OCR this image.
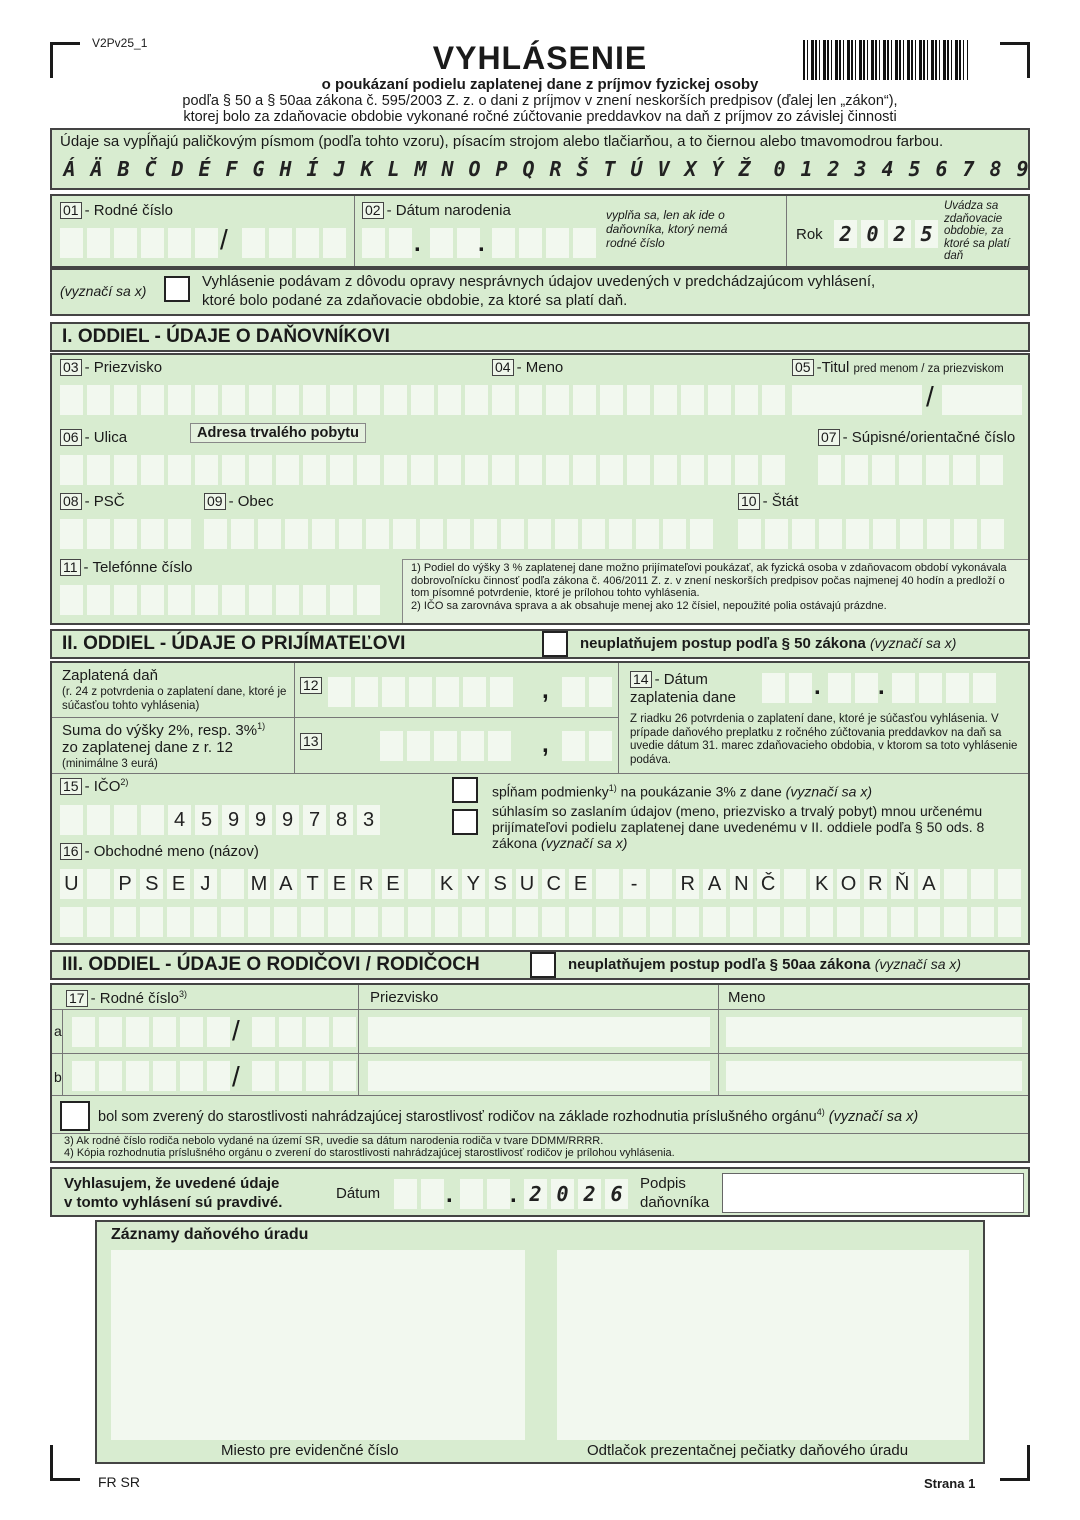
V2Pv25_1	VYHLÁSENIE
o poukázaní podielu zaplatenej dane z príjmov fyzickej osoby
podľa § 50 a § 50aa zákona č. 595/2003 Z. z. o dani z príjmov v znení neskorších predpisov (ďalej len „zákon“),
ktorej bolo za zdaňovacie obdobie vykonané ročné zúčtovanie preddavkov na daň z príjmov zo závislej činnosti
Údaje sa vypĺňajú paličkovým písmom (podľa tohto vzoru), písacím strojom alebo tlačiarňou, a to čiernou alebo tmavomodrou farbou.
Á Ä B Č D É F G H Í J K L M N O P Q R Š T Ú V X Ý Ž 0 1 2 3 4 5 6 7 8 9
01 - Rodné číslo
/
02 - Dátum narodenia
. .
vyplňa sa, len ak ide o daňovníka, ktorý nemá rodné číslo	Rok 2 0 2 5
Uvádza sa zdaňovacie obdobie, za ktoré sa platí daň
(vyznačí sa x)
Vyhlásenie podávam z dôvodu opravy nesprávnych údajov uvedených v predchádzajúcom vyhlásení,
ktoré bolo podané za zdaňovacie obdobie, za ktoré sa platí daň.
I. ODDIEL - ÚDAJE O DAŇOVNÍKOVI
03 - Priezvisko	04 - Meno	05 -Titul pred menom / za priezviskom
/
06 - Ulica	Adresa trvalého pobytu	07 - Súpisné/orientačné číslo
08 - PSČ	09 - Obec	10 - Štát
11 - Telefónne číslo	1) Podiel do výšky 3 % zaplatenej dane možno prijímateľovi poukázať, ak fyzická osoba v zdaňovacom období vykonávala dobrovoľnícku činnosť podľa zákona č. 406/2011 Z. z. v znení neskorších predpisov počas najmenej 40 hodín a predloží o tom písomné potvrdenie, ktoré je prílohou tohto vyhlásenia.
2) IČO sa zarovnáva sprava a ak obsahuje menej ako 12 čísiel, nepoužité polia ostávajú prázdne.
II. ODDIEL - ÚDAJE O PRIJÍMATEĽOVI	neuplatňujem postup podľa § 50 zákona (vyznačí sa x)
Zaplatená daň
(r. 24 z potvrdenia o zaplatení dane, ktoré je súčasťou tohto vyhlásenia)
12	,
Suma do výšky 2%, resp. 3%$^{1)}$
zo zaplatenej dane z r. 12
(minimálne 3 eurá)
13	,
14 - Dátum
zaplatenia dane	. .
Z riadku 26 potvrdenia o zaplatení dane, ktoré je súčasťou vyhlásenia. V prípade daňového preplatku z ročného zúčtovania preddavkov na daň sa uvedie dátum 31. marec zdaňovacieho obdobia, v ktorom sa toto vyhlásenie podáva.
15 - IČO$^{2)}$
4 5 9 9 9 7 8 3
spĺňam podmienky$^{1)}$ na poukázanie 3% z dane (vyznačí sa x)
súhlasím so zaslaním údajov (meno, priezvisko a trvalý pobyt) mnou určenému prijímateľovi podielu zaplatenej dane uvedenému v II. oddiele podľa § 50 ods. 8 zákona (vyznačí sa x)
16 - Obchodné meno (názov)
U P S E J	M A T E R E K Y S U C E	-	R A N Č K O R Ň A
III. ODDIEL - ÚDAJE O RODIČOVI / RODIČOCH	neuplatňujem postup podľa § 50aa zákona (vyznačí sa x)
17 - Rodné číslo$^{3)}$	Priezvisko	Meno
a	/
b	/
bol som zverený do starostlivosti nahrádzajúcej starostlivosť rodičov na základe rozhodnutia príslušného orgánu$^{4)}$ (vyznačí sa x)
3) Ak rodné číslo rodiča nebolo vydané na území SR, uvedie sa dátum narodenia rodiča v tvare DDMM/RRRR.
4) Kópia rozhodnutia príslušného orgánu o zverení do starostlivosti nahrádzajúcej starostlivosť rodičov je prílohou vyhlásenia.
Vyhlasujem, že uvedené údaje
v tomto vyhlásení sú pravdivé.
Dátum	. . 2 0 2 6	Podpis
daňovníka
Záznamy daňového úradu
Miesto pre evidenčné číslo	Odtlačok prezentačnej pečiatky daňového úradu
FR SR	Strana 1
